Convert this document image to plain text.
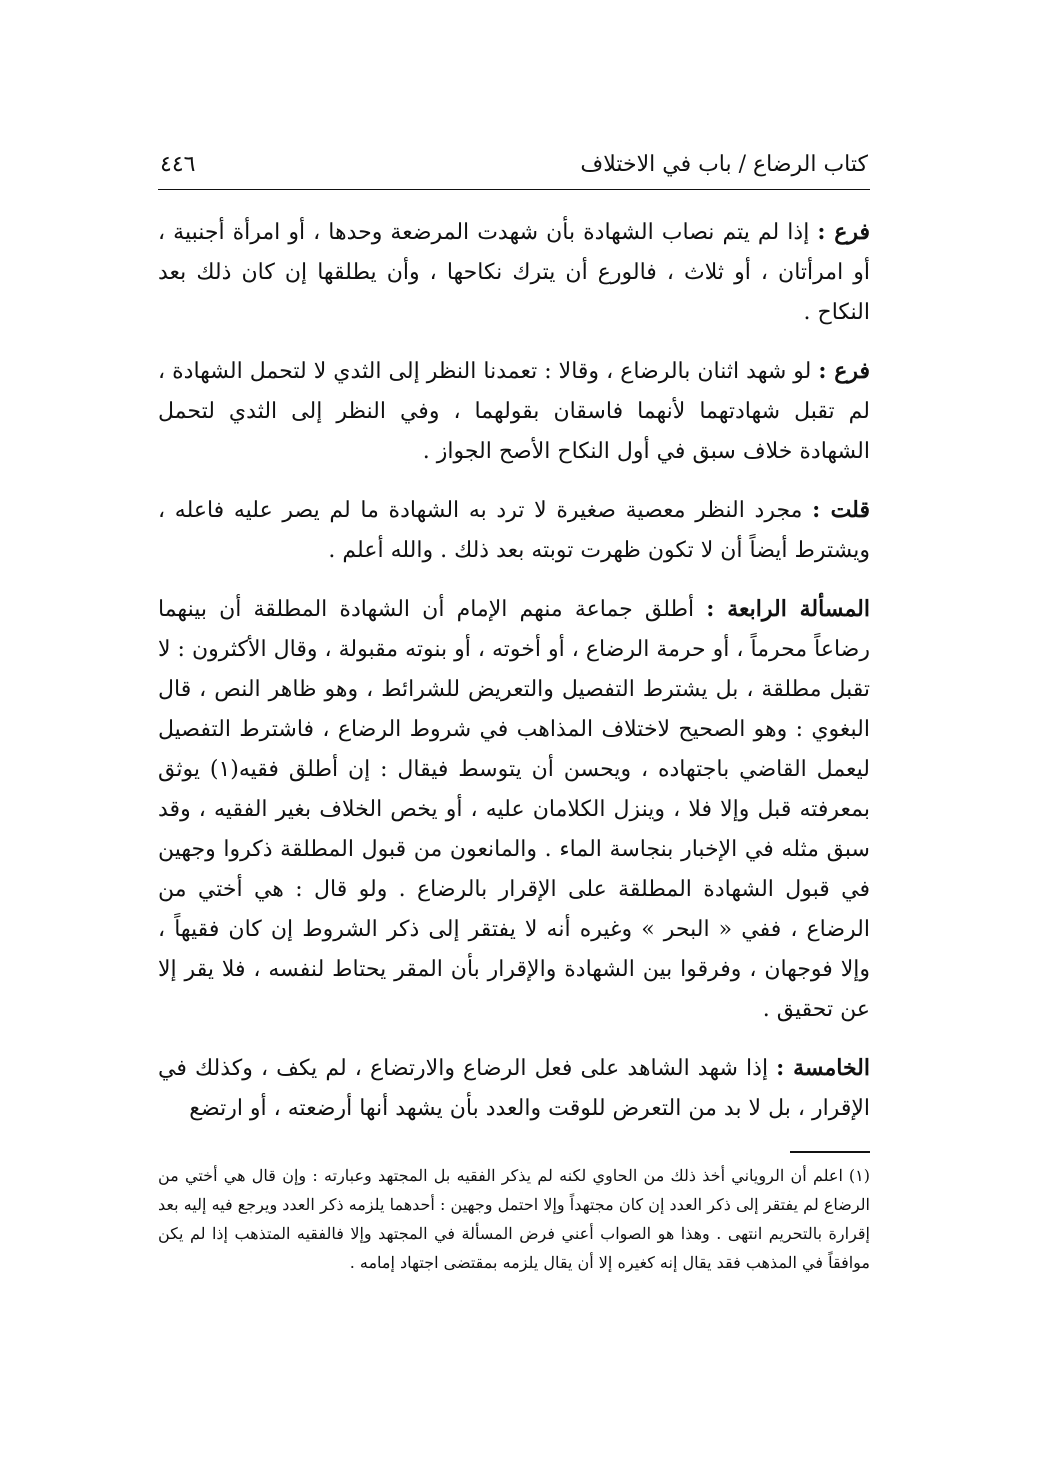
كتاب الرضاع / باب في الاختلاف
٤٤٦

فرع : إذا لم يتم نصاب الشهادة بأن شهدت المرضعة وحدها ، أو امرأة أجنبية ، أو امرأتان ، أو ثلاث ، فالورع أن يترك نكاحها ، وأن يطلقها إن كان ذلك بعد النكاح .

فرع : لو شهد اثنان بالرضاع ، وقالا : تعمدنا النظر إلى الثدي لا لتحمل الشهادة ، لم تقبل شهادتهما لأنهما فاسقان بقولهما ، وفي النظر إلى الثدي لتحمل الشهادة خلاف سبق في أول النكاح الأصح الجواز .

قلت : مجرد النظر معصية صغيرة لا ترد به الشهادة ما لم يصر عليه فاعله ، ويشترط أيضاً أن لا تكون ظهرت توبته بعد ذلك . والله أعلم .

المسألة الرابعة : أطلق جماعة منهم الإمام أن الشهادة المطلقة أن بينهما رضاعاً محرماً ، أو حرمة الرضاع ، أو أخوته ، أو بنوته مقبولة ، وقال الأكثرون : لا تقبل مطلقة ، بل يشترط التفصيل والتعريض للشرائط ، وهو ظاهر النص ، قال البغوي : وهو الصحيح لاختلاف المذاهب في شروط الرضاع ، فاشترط التفصيل ليعمل القاضي باجتهاده ، ويحسن أن يتوسط فيقال : إن أطلق فقيه(١) يوثق بمعرفته قبل وإلا فلا ، وينزل الكلامان عليه ، أو يخص الخلاف بغير الفقيه ، وقد سبق مثله في الإخبار بنجاسة الماء . والمانعون من قبول المطلقة ذكروا وجهين في قبول الشهادة المطلقة على الإقرار بالرضاع . ولو قال : هي أختي من الرضاع ، ففي « البحر » وغيره أنه لا يفتقر إلى ذكر الشروط إن كان فقيهاً ، وإلا فوجهان ، وفرقوا بين الشهادة والإقرار بأن المقر يحتاط لنفسه ، فلا يقر إلا عن تحقيق .

الخامسة : إذا شهد الشاهد على فعل الرضاع والارتضاع ، لم يكف ، وكذلك في الإقرار ، بل لا بد من التعرض للوقت والعدد بأن يشهد أنها أرضعته ، أو ارتضع

(١)اعلم أن الروياني أخذ ذلك من الحاوي لكنه لم يذكر الفقيه بل المجتهد وعبارته : وإن قال هي أختي من الرضاع لم يفتقر إلى ذكر العدد إن كان مجتهداً وإلا احتمل وجهين : أحدهما يلزمه ذكر العدد ويرجع فيه إليه بعد إقرارة بالتحريم انتهى . وهذا هو الصواب أعني فرض المسألة في المجتهد وإلا فالفقيه المتذهب إذا لم يكن موافقاً في المذهب فقد يقال إنه كغيره إلا أن يقال يلزمه بمقتضى اجتهاد إمامه .
